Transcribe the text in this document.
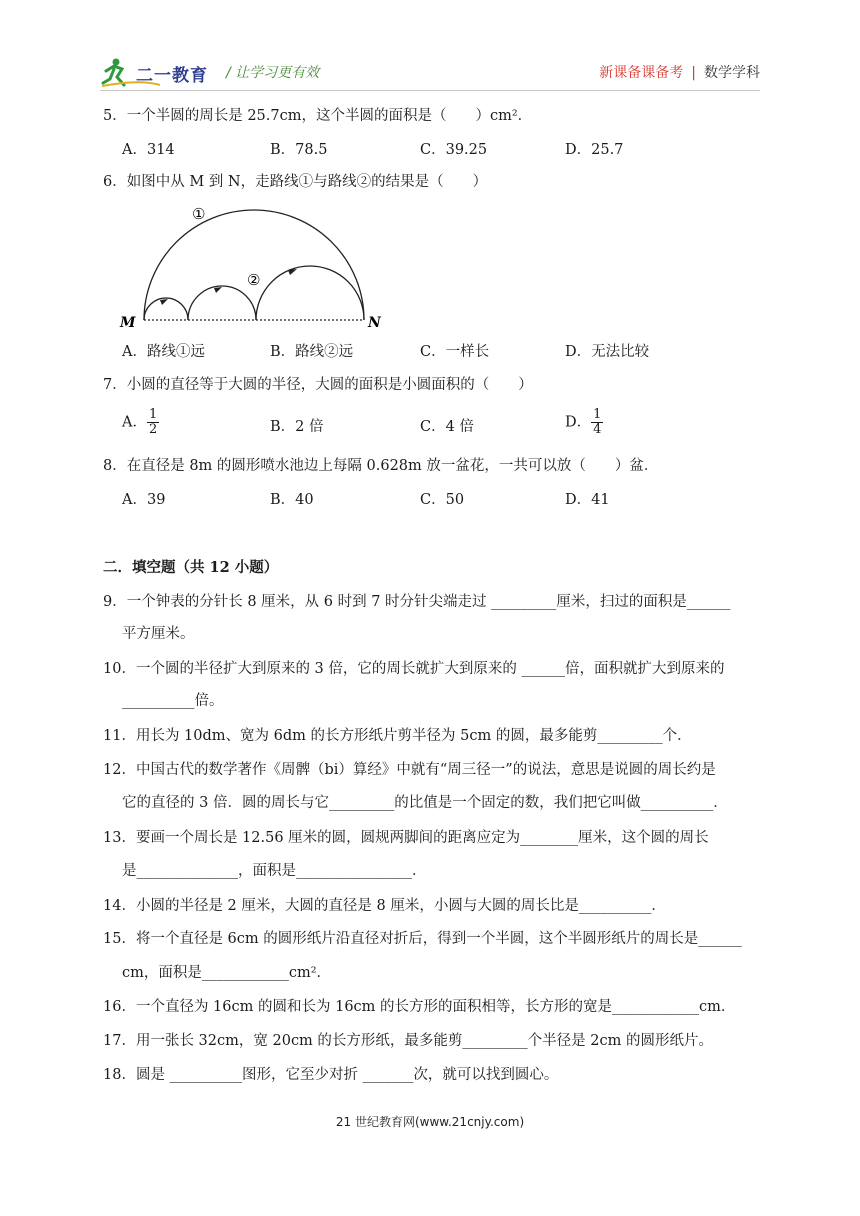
二一教育 / 让学习更有效	新课备课备考 | 数学学科
5．一个半圆的周长是 25.7cm，这个半圆的面积是（　　）cm²．
A．314	B．78.5	C．39.25	D．25.7
6．如图中从 M 到 N，走路线①与路线②的结果是（　　）
①
②
M	N
A．路线①远	B．路线②远	C．一样长	D．无法比较
7．小圆的直径等于大圆的半径，大圆的面积是小圆面积的（　　）
A． $\frac{1}{2}$	B．2 倍	C．4 倍	D． $\frac{1}{4}$
8．在直径是 8m 的圆形喷水池边上每隔 0.628m 放一盆花，一共可以放（　　）盆．
A．39	B．40	C．50	D．41
二．填空题（共 12 小题）
9．一个钟表的分针长 8 厘米，从 6 时到 7 时分针尖端走过 _________厘米，扫过的面积是______
平方厘米。
10．一个圆的半径扩大到原来的 3 倍，它的周长就扩大到原来的 ______倍，面积就扩大到原来的
__________倍。
11．用长为 10dm、宽为 6dm 的长方形纸片剪半径为 5cm 的圆，最多能剪_________个．
12．中国古代的数学著作《周髀（bi）算经》中就有“周三径一”的说法，意思是说圆的周长约是
它的直径的 3 倍．圆的周长与它_________的比值是一个固定的数，我们把它叫做__________．
13．要画一个周长是 12.56 厘米的圆，圆规两脚间的距离应定为________厘米，这个圆的周长
是______________，面积是________________．
14．小圆的半径是 2 厘米，大圆的直径是 8 厘米，小圆与大圆的周长比是__________．
15．将一个直径是 6cm 的圆形纸片沿直径对折后，得到一个半圆，这个半圆形纸片的周长是______
cm，面积是____________cm²．
16．一个直径为 16cm 的圆和长为 16cm 的长方形的面积相等，长方形的宽是____________cm．
17．用一张长 32cm，宽 20cm 的长方形纸，最多能剪_________个半径是 2cm 的圆形纸片。
18．圆是 __________图形，它至少对折 _______次，就可以找到圆心。
21 世纪教育网(www.21cnjy.com)
